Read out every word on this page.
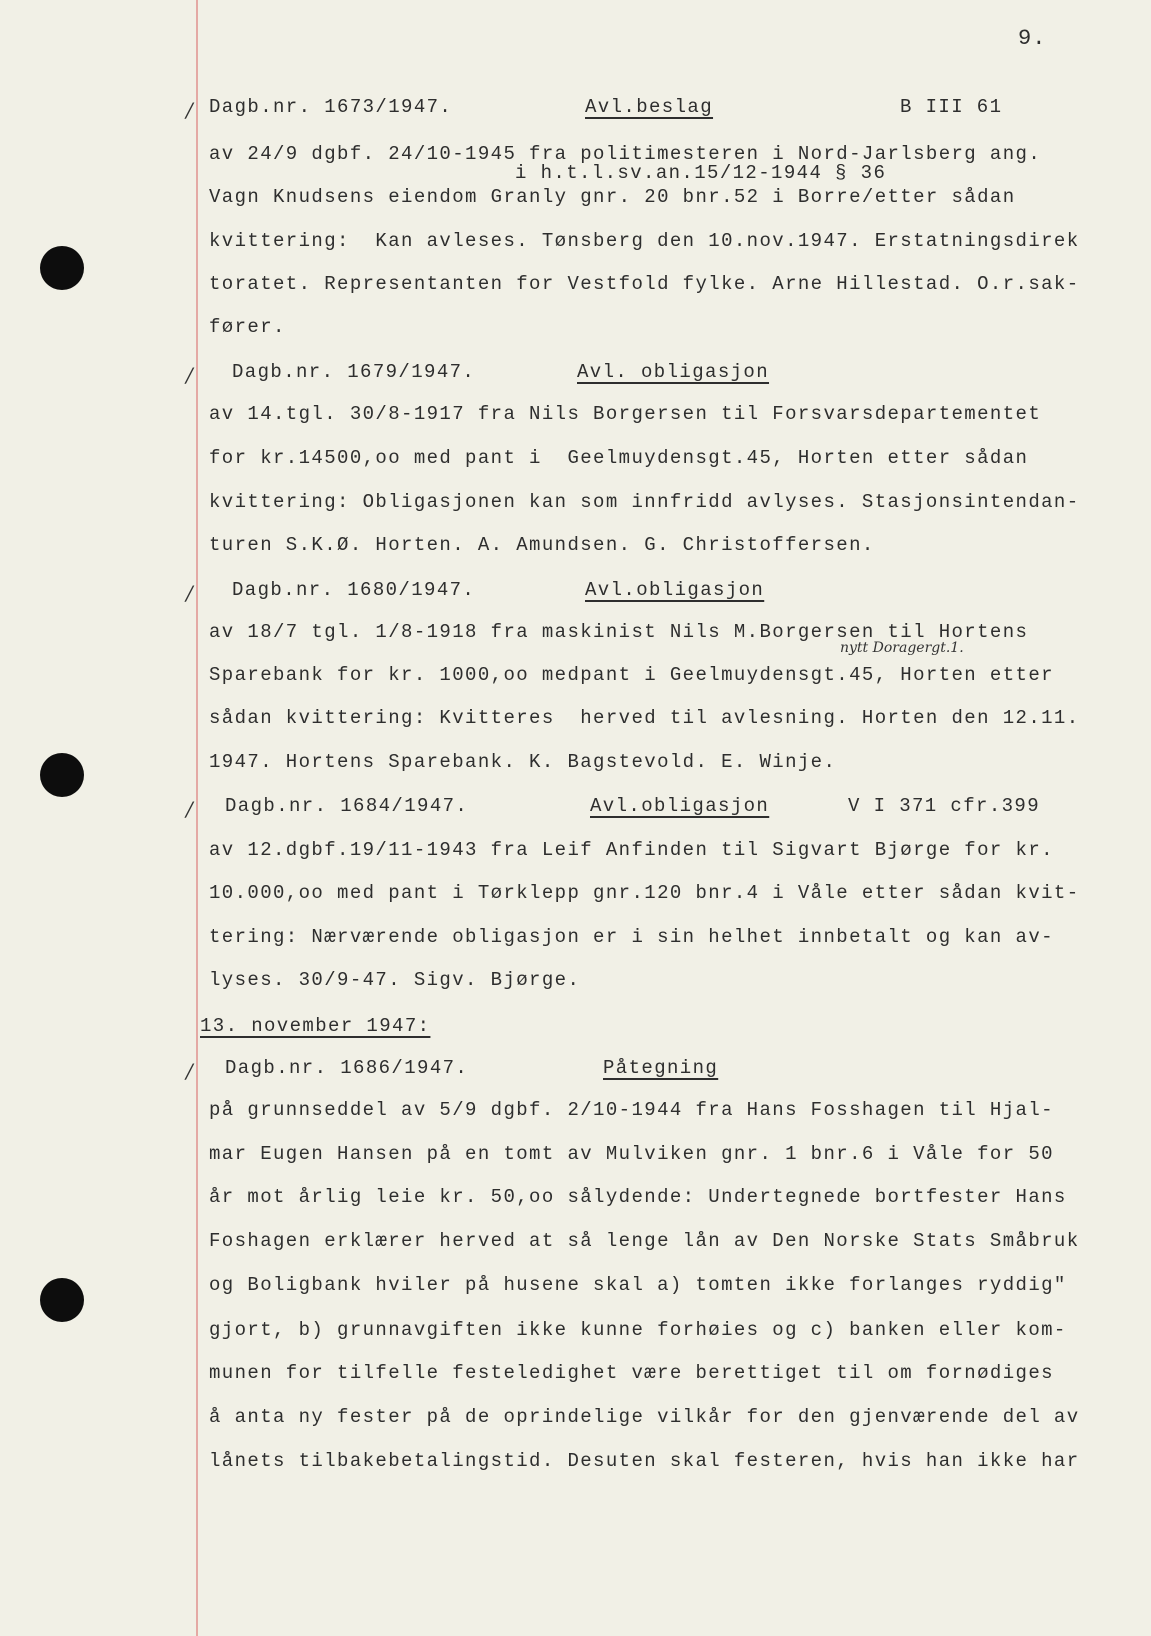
9.
/ Dagb.nr. 1673/1947.	Avl.beslag	B III 61
av 24/9 dgbf. 24/10-1945 fra politimesteren i Nord-Jarlsberg ang.
i h.t.l.sv.an.15/12-1944 § 36
Vagn Knudsens eiendom Granly gnr. 20 bnr.52 i Borre/etter sådan
kvittering:  Kan avleses. Tønsberg den 10.nov.1947. Erstatningsdirek
toratet. Representanten for Vestfold fylke. Arne Hillestad. O.r.sak-
fører.
/ Dagb.nr. 1679/1947.	Avl. obligasjon
av 14.tgl. 30/8-1917 fra Nils Borgersen til Forsvarsdepartementet
for kr.14500,oo med pant i  Geelmuydensgt.45, Horten etter sådan
kvittering: Obligasjonen kan som innfridd avlyses. Stasjonsintendan-
turen S.K.Ø. Horten. A. Amundsen. G. Christoffersen.
/ Dagb.nr. 1680/1947.	Avl.obligasjon
av 18/7 tgl. 1/8-1918 fra maskinist Nils M.Borgersen til Hortens
nytt Doragergt.1.
Sparebank for kr. 1000,oo medpant i Geelmuydensgt.45, Horten etter
sådan kvittering: Kvitteres  herved til avlesning. Horten den 12.11.
1947. Hortens Sparebank. K. Bagstevold. E. Winje.
/ Dagb.nr. 1684/1947.	Avl.obligasjon	V I 371 cfr.399
av 12.dgbf.19/11-1943 fra Leif Anfinden til Sigvart Bjørge for kr.
10.000,oo med pant i Tørklepp gnr.120 bnr.4 i Våle etter sådan kvit-
tering: Nærværende obligasjon er i sin helhet innbetalt og kan av-
lyses. 30/9-47. Sigv. Bjørge.
13. november 1947:
/ Dagb.nr. 1686/1947.	Påtegning
på grunnseddel av 5/9 dgbf. 2/10-1944 fra Hans Fosshagen til Hjal-
mar Eugen Hansen på en tomt av Mulviken gnr. 1 bnr.6 i Våle for 50
år mot årlig leie kr. 50,oo sålydende: Undertegnede bortfester Hans
Foshagen erklærer herved at så lenge lån av Den Norske Stats Småbruk
og Boligbank hviler på husene skal a) tomten ikke forlanges ryddig"
gjort, b) grunnavgiften ikke kunne forhøies og c) banken eller kom-
munen for tilfelle festeledighet være berettiget til om fornødiges
å anta ny fester på de oprindelige vilkår for den gjenværende del av
lånets tilbakebetalingstid. Desuten skal festeren, hvis han ikke har
